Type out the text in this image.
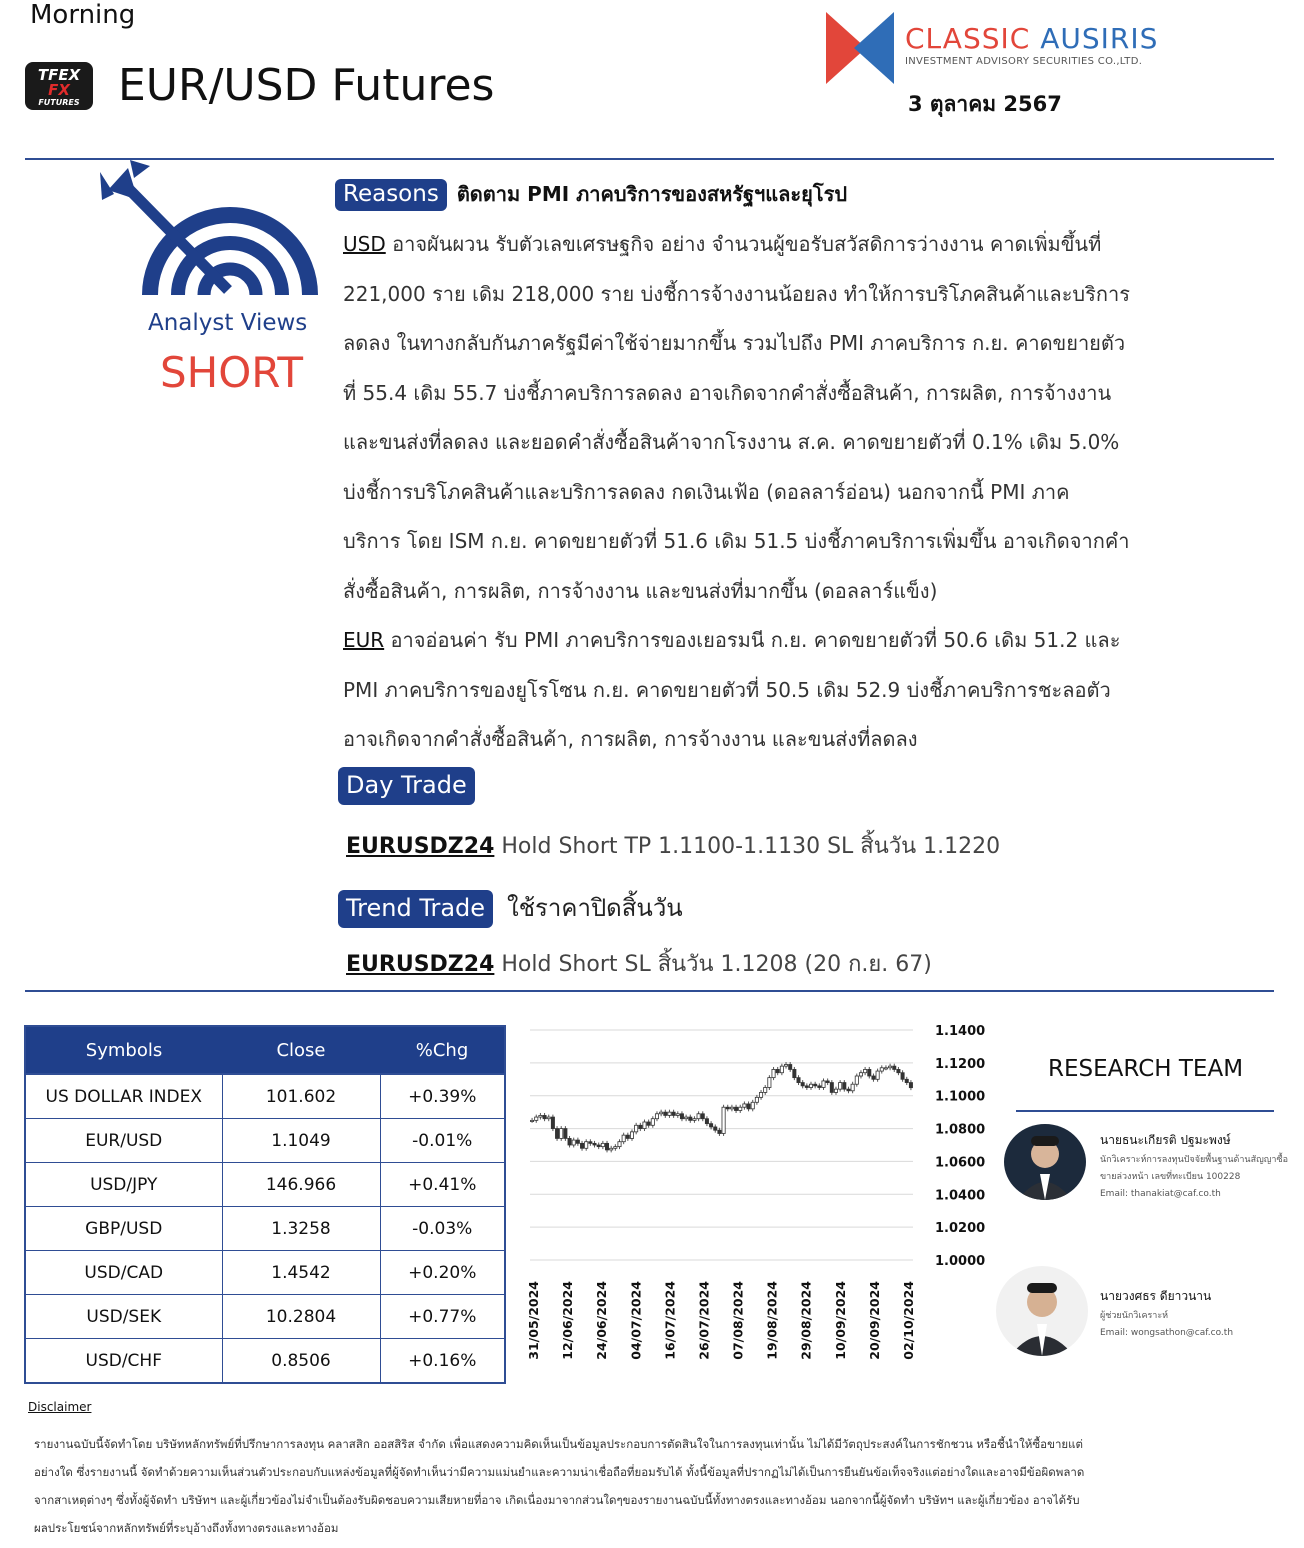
Morning
TFEX
FX
FUTURES EUR/USD Futures
CLASSIC AUSIRIS
INVESTMENT ADVISORY SECURITIES CO.,LTD.
3 ตุลาคม 2567
Analyst Views
SHORT
Reasons ติดตาม PMI ภาคบริการของสหรัฐฯและยุโรป
USD อาจผันผวน รับตัวเลขเศรษฐกิจ อย่าง จำนวนผู้ขอรับสวัสดิการว่างงาน คาดเพิ่มขึ้นที่
221,000 ราย เดิม 218,000 ราย บ่งชี้การจ้างงานน้อยลง ทำให้การบริโภคสินค้าและบริการ
ลดลง ในทางกลับกันภาครัฐมีค่าใช้จ่ายมากขึ้น รวมไปถึง PMI ภาคบริการ ก.ย. คาดขยายตัว
ที่ 55.4 เดิม 55.7 บ่งชี้ภาคบริการลดลง อาจเกิดจากคำสั่งซื้อสินค้า, การผลิต, การจ้างงาน
และขนส่งที่ลดลง และยอดคำสั่งซื้อสินค้าจากโรงงาน ส.ค. คาดขยายตัวที่ 0.1% เดิม 5.0%
บ่งชี้การบริโภคสินค้าและบริการลดลง กดเงินเฟ้อ (ดอลลาร์อ่อน) นอกจากนี้ PMI ภาค
บริการ โดย ISM ก.ย. คาดขยายตัวที่ 51.6 เดิม 51.5 บ่งชี้ภาคบริการเพิ่มขึ้น อาจเกิดจากคำ
สั่งซื้อสินค้า, การผลิต, การจ้างงาน และขนส่งที่มากขึ้น (ดอลลาร์แข็ง)
EUR อาจอ่อนค่า รับ PMI ภาคบริการของเยอรมนี ก.ย. คาดขยายตัวที่ 50.6 เดิม 51.2 และ
PMI ภาคบริการของยูโรโซน ก.ย. คาดขยายตัวที่ 50.5 เดิม 52.9 บ่งชี้ภาคบริการชะลอตัว
อาจเกิดจากคำสั่งซื้อสินค้า, การผลิต, การจ้างงาน และขนส่งที่ลดลง
Day Trade
EURUSDZ24 Hold Short TP 1.1100-1.1130 SL สิ้นวัน 1.1220
Trend Trade ใช้ราคาปิดสิ้นวัน
EURUSDZ24 Hold Short SL สิ้นวัน 1.1208 (20 ก.ย. 67)
Symbols	Close	%Chg
US DOLLAR INDEX	101.602	+0.39%
EUR/USD	1.1049	-0.01%
USD/JPY	146.966	+0.41%
GBP/USD	1.3258	-0.03%
USD/CAD	1.4542	+0.20%
USD/SEK	10.2804	+0.77%
USD/CHF	0.8506	+0.16%
1.1400
1.1200
1.1000
1.0800
1.0600
1.0400
1.0200
1.0000
31/05/2024 12/06/2024 24/06/2024 04/07/2024 16/07/2024 26/07/2024 07/08/2024 19/08/2024 29/08/2024 10/09/2024 20/09/2024 02/10/2024
RESEARCH TEAM
นายธนะเกียรติ ปฐมะพงษ์
นักวิเคราะห์การลงทุนปัจจัยพื้นฐานด้านสัญญาซื้อ
ขายล่วงหน้า เลขที่ทะเบียน 100228
Email: thanakiat@caf.co.th
นายวงศธร ดียาวนาน
ผู้ช่วยนักวิเคราะห์
Email: wongsathon@caf.co.th
Disclaimer
รายงานฉบับนี้จัดทำโดย บริษัทหลักทรัพย์ที่ปรึกษาการลงทุน คลาสสิก ออสสิริส จำกัด เพื่อแสดงความคิดเห็นเป็นข้อมูลประกอบการตัดสินใจในการลงทุนเท่านั้น ไม่ได้มีวัตถุประสงค์ในการชักชวน หรือชี้นำให้ซื้อขายแต่
อย่างใด ซึ่งรายงานนี้ จัดทำด้วยความเห็นส่วนตัวประกอบกับแหล่งข้อมูลที่ผู้จัดทำเห็นว่ามีความแม่นยำและความน่าเชื่อถือที่ยอมรับได้ ทั้งนี้ข้อมูลที่ปรากฏไม่ได้เป็นการยืนยันข้อเท็จจริงแต่อย่างใดและอาจมีข้อผิดพลาด
จากสาเหตุต่างๆ ซึ่งทั้งผู้จัดทำ บริษัทฯ และผู้เกี่ยวข้องไม่จำเป็นต้องรับผิดชอบความเสียหายที่อาจ เกิดเนื่องมาจากส่วนใดๆของรายงานฉบับนี้ทั้งทางตรงและทางอ้อม นอกจากนี้ผู้จัดทำ บริษัทฯ และผู้เกี่ยวข้อง อาจได้รับ
ผลประโยชน์จากหลักทรัพย์ที่ระบุอ้างถึงทั้งทางตรงและทางอ้อม
